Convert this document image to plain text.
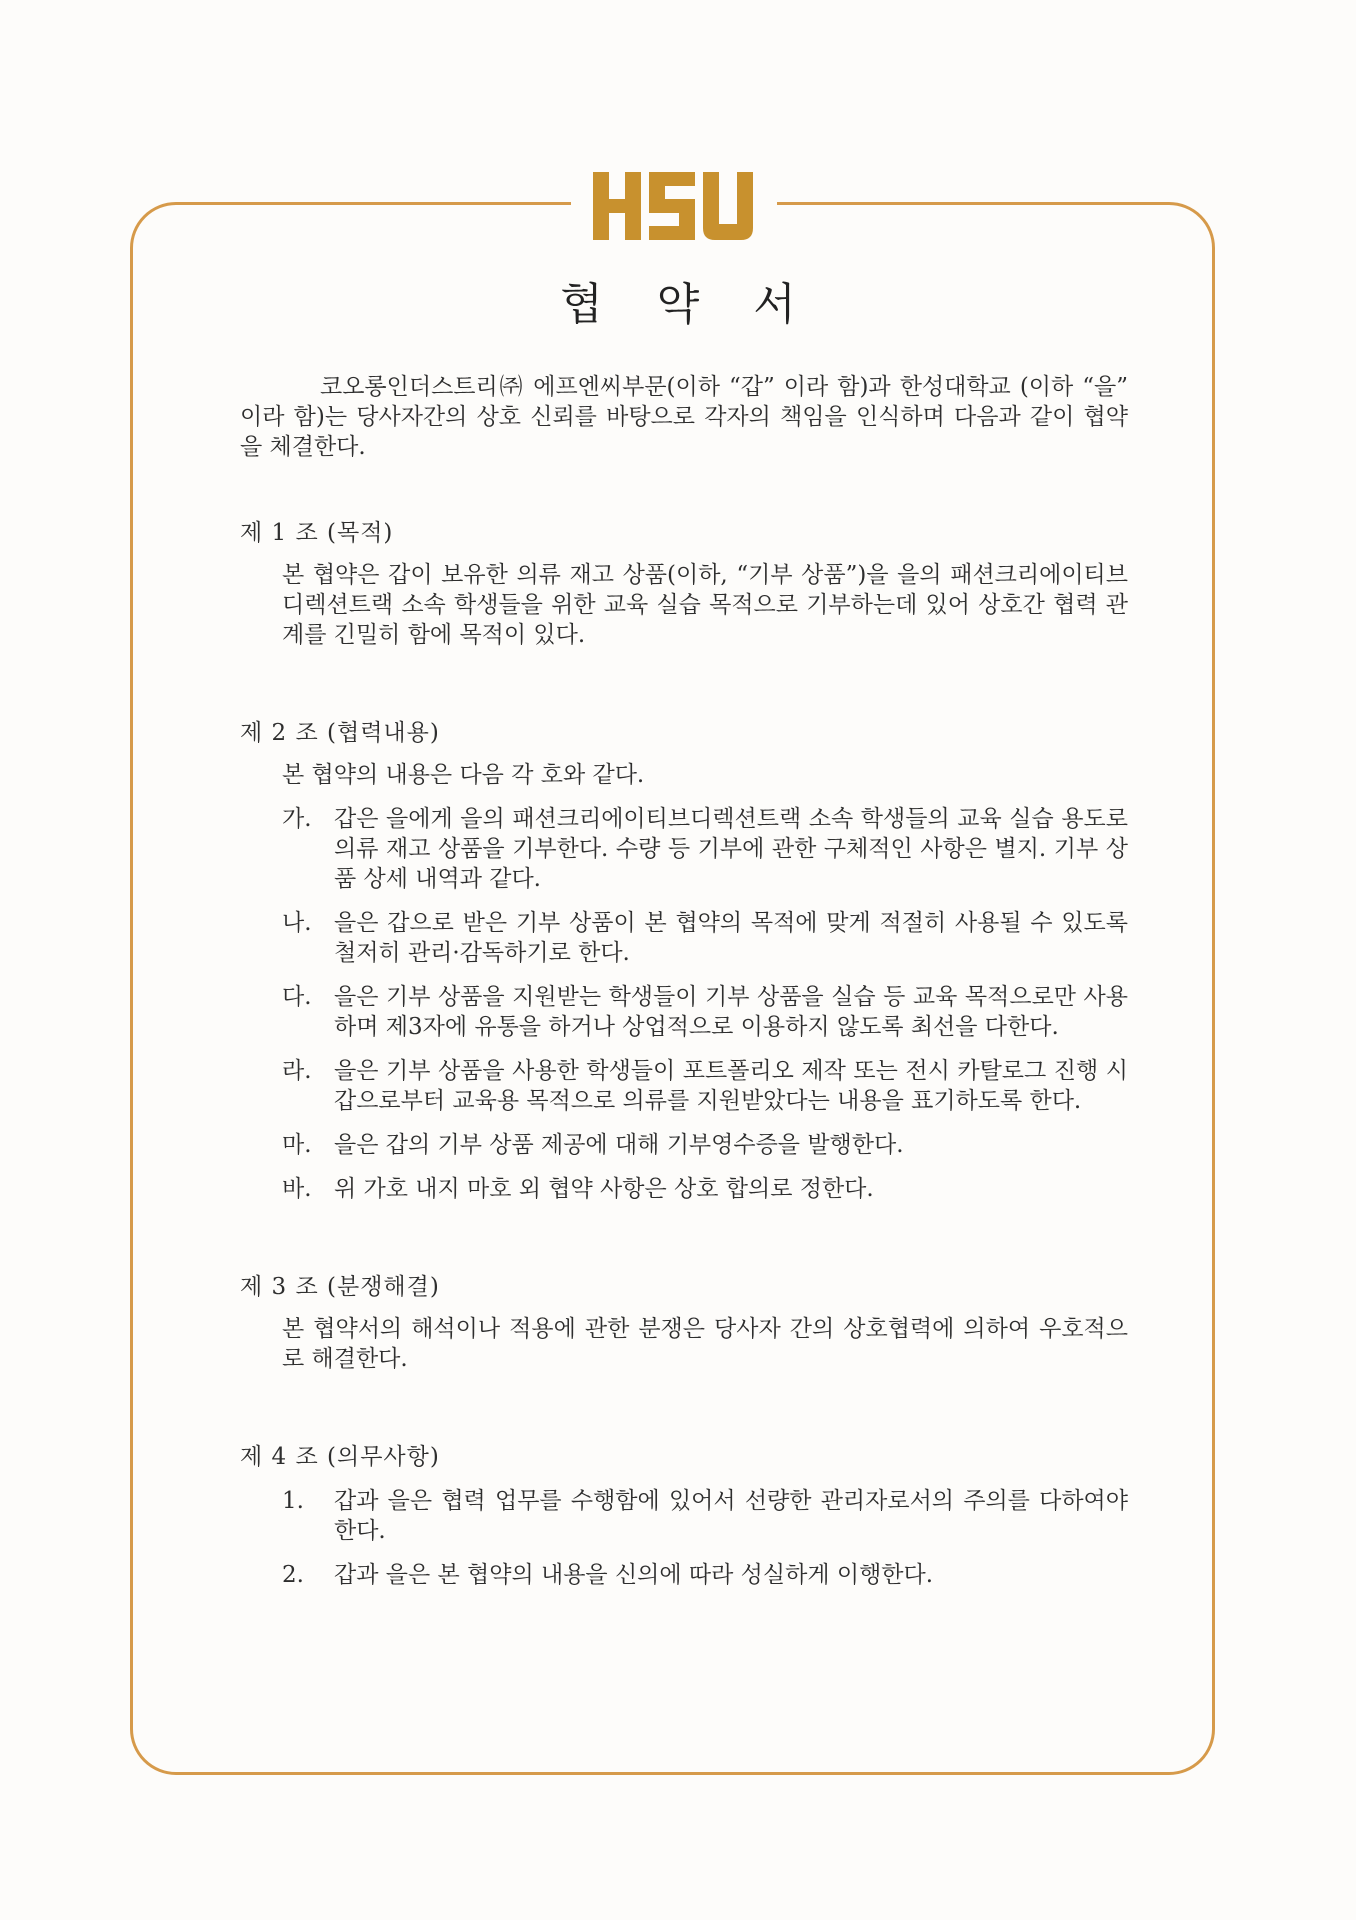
협 약 서

코오롱인더스트리㈜ 에프엔씨부문(이하 “갑” 이라 함)과 한성대학교 (이하 “을” 이라 함)는 당사자간의 상호 신뢰를 바탕으로 각자의 책임을 인식하며 다음과 같이 협약을 체결한다.

제 1 조 (목적)

본 협약은 갑이 보유한 의류 재고 상품(이하, “기부 상품”)을 을의 패션크리에이티브디렉션트랙 소속 학생들을 위한 교육 실습 목적으로 기부하는데 있어 상호간 협력 관계를 긴밀히 함에 목적이 있다.

제 2 조 (협력내용)

본 협약의 내용은 다음 각 호와 같다.

가. 갑은 을에게 을의 패션크리에이티브디렉션트랙 소속 학생들의 교육 실습 용도로 의류 재고 상품을 기부한다. 수량 등 기부에 관한 구체적인 사항은 별지. 기부 상품 상세 내역과 같다.
나. 을은 갑으로 받은 기부 상품이 본 협약의 목적에 맞게 적절히 사용될 수 있도록 철저히 관리·감독하기로 한다.
다. 을은 기부 상품을 지원받는 학생들이 기부 상품을 실습 등 교육 목적으로만 사용하며 제3자에 유통을 하거나 상업적으로 이용하지 않도록 최선을 다한다.
라. 을은 기부 상품을 사용한 학생들이 포트폴리오 제작 또는 전시 카탈로그 진행 시 갑으로부터 교육용 목적으로 의류를 지원받았다는 내용을 표기하도록 한다.
마. 을은 갑의 기부 상품 제공에 대해 기부영수증을 발행한다.
바. 위 가호 내지 마호 외 협약 사항은 상호 합의로 정한다.

제 3 조 (분쟁해결)

본 협약서의 해석이나 적용에 관한 분쟁은 당사자 간의 상호협력에 의하여 우호적으로 해결한다.

제 4 조 (의무사항)

1.	갑과 을은 협력 업무를 수행함에 있어서 선량한 관리자로서의 주의를 다하여야 한다.
2.	갑과 을은 본 협약의 내용을 신의에 따라 성실하게 이행한다.
